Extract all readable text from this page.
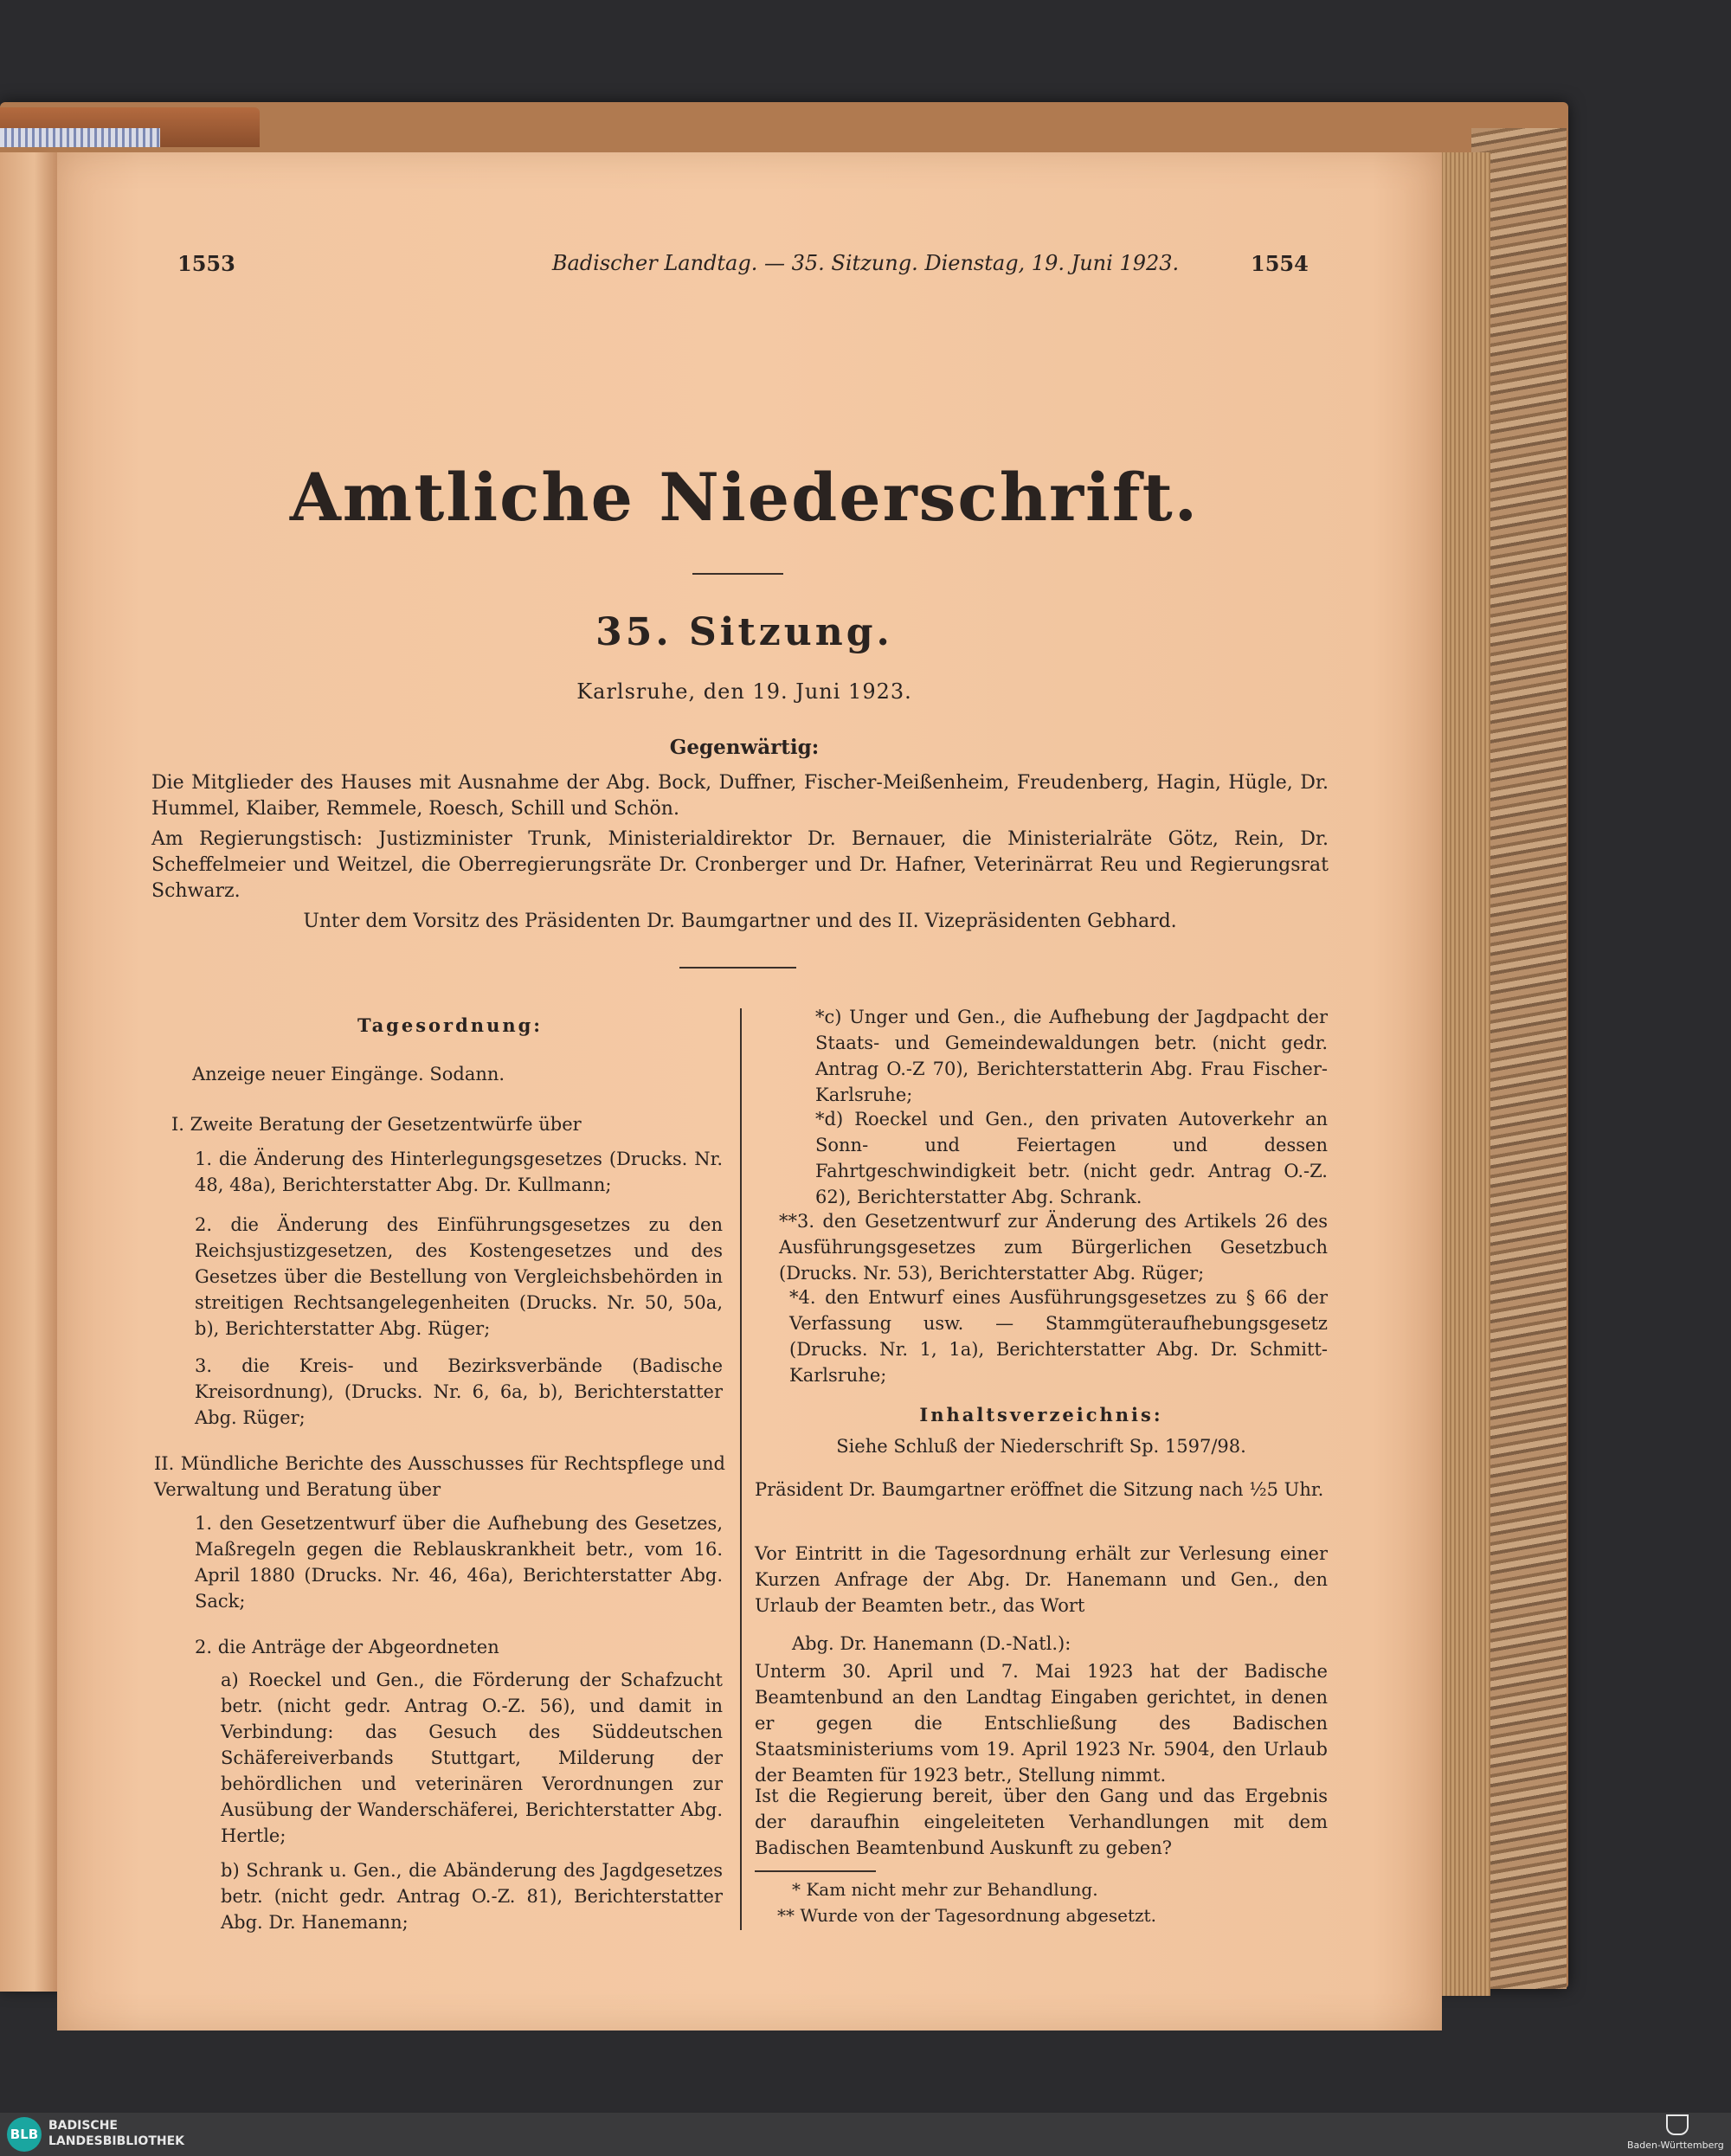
1553	Badischer Landtag. — 35. Sitzung. Dienstag, 19. Juni 1923.	1554
Amtliche Niederschrift.
35. Sitzung.
Karlsruhe, den 19. Juni 1923.
Gegenwärtig:
Die Mitglieder des Hauses mit Ausnahme der Abg. Bock, Duffner, Fischer-Meißenheim, Freudenberg, Hagin, Hügle, Dr. Hummel, Klaiber, Remmele, Roesch, Schill und Schön.
Am Regierungstisch: Justizminister Trunk, Ministerialdirektor Dr. Bernauer, die Ministerialräte Götz, Rein, Dr. Scheffelmeier und Weitzel, die Oberregierungsräte Dr. Cronberger und Dr. Hafner, Veterinärrat Reu und Regierungsrat Schwarz.
Unter dem Vorsitz des Präsidenten Dr. Baumgartner und des II. Vizepräsidenten Gebhard.
Tagesordnung:
Anzeige neuer Eingänge. Sodann.
I. Zweite Beratung der Gesetzentwürfe über
1. die Änderung des Hinterlegungsgesetzes (Drucks. Nr. 48, 48a), Berichterstatter Abg. Dr. Kullmann;
2. die Änderung des Einführungsgesetzes zu den Reichsjustizgesetzen, des Kostengesetzes und des Gesetzes über die Bestellung von Vergleichsbehörden in streitigen Rechtsangelegenheiten (Drucks. Nr. 50, 50a, b), Berichterstatter Abg. Rüger;
3. die Kreis- und Bezirksverbände (Badische Kreisordnung), (Drucks. Nr. 6, 6a, b), Berichterstatter Abg. Rüger;
II. Mündliche Berichte des Ausschusses für Rechtspflege und Verwaltung und Beratung über
1. den Gesetzentwurf über die Aufhebung des Gesetzes, Maßregeln gegen die Reblauskrankheit betr., vom 16. April 1880 (Drucks. Nr. 46, 46a), Berichterstatter Abg. Sack;
2. die Anträge der Abgeordneten
a) Roeckel und Gen., die Förderung der Schafzucht betr. (nicht gedr. Antrag O.-Z. 56), und damit in Verbindung: das Gesuch des Süddeutschen Schäfereiverbands Stuttgart, Milderung der behördlichen und veterinären Verordnungen zur Ausübung der Wanderschäferei, Berichterstatter Abg. Hertle;
b) Schrank u. Gen., die Abänderung des Jagdgesetzes betr. (nicht gedr. Antrag O.-Z. 81), Berichterstatter Abg. Dr. Hanemann;
*c) Unger und Gen., die Aufhebung der Jagdpacht der Staats- und Gemeindewaldungen betr. (nicht gedr. Antrag O.-Z 70), Berichterstatterin Abg. Frau Fischer-Karlsruhe;
*d) Roeckel und Gen., den privaten Autoverkehr an Sonn- und Feiertagen und dessen Fahrtgeschwindigkeit betr. (nicht gedr. Antrag O.-Z. 62), Berichterstatter Abg. Schrank.
**3. den Gesetzentwurf zur Änderung des Artikels 26 des Ausführungsgesetzes zum Bürgerlichen Gesetzbuch (Drucks. Nr. 53), Berichterstatter Abg. Rüger;
*4. den Entwurf eines Ausführungsgesetzes zu § 66 der Verfassung usw. — Stammgüteraufhebungsgesetz (Drucks. Nr. 1, 1a), Berichterstatter Abg. Dr. Schmitt-Karlsruhe;
Inhaltsverzeichnis:
Siehe Schluß der Niederschrift Sp. 1597/98.
Präsident Dr. Baumgartner eröffnet die Sitzung nach ½5 Uhr.
Vor Eintritt in die Tagesordnung erhält zur Verlesung einer Kurzen Anfrage der Abg. Dr. Hanemann und Gen., den Urlaub der Beamten betr., das Wort
Abg. Dr. Hanemann (D.-Natl.):
Unterm 30. April und 7. Mai 1923 hat der Badische Beamtenbund an den Landtag Eingaben gerichtet, in denen er gegen die Entschließung des Badischen Staatsministeriums vom 19. April 1923 Nr. 5904, den Urlaub der Beamten für 1923 betr., Stellung nimmt.
Ist die Regierung bereit, über den Gang und das Ergebnis der daraufhin eingeleiteten Verhandlungen mit dem Badischen Beamtenbund Auskunft zu geben?
* Kam nicht mehr zur Behandlung.
** Wurde von der Tagesordnung abgesetzt.
BLB
BADISCHE
LANDESBIBLIOTHEK	Baden-Württemberg
